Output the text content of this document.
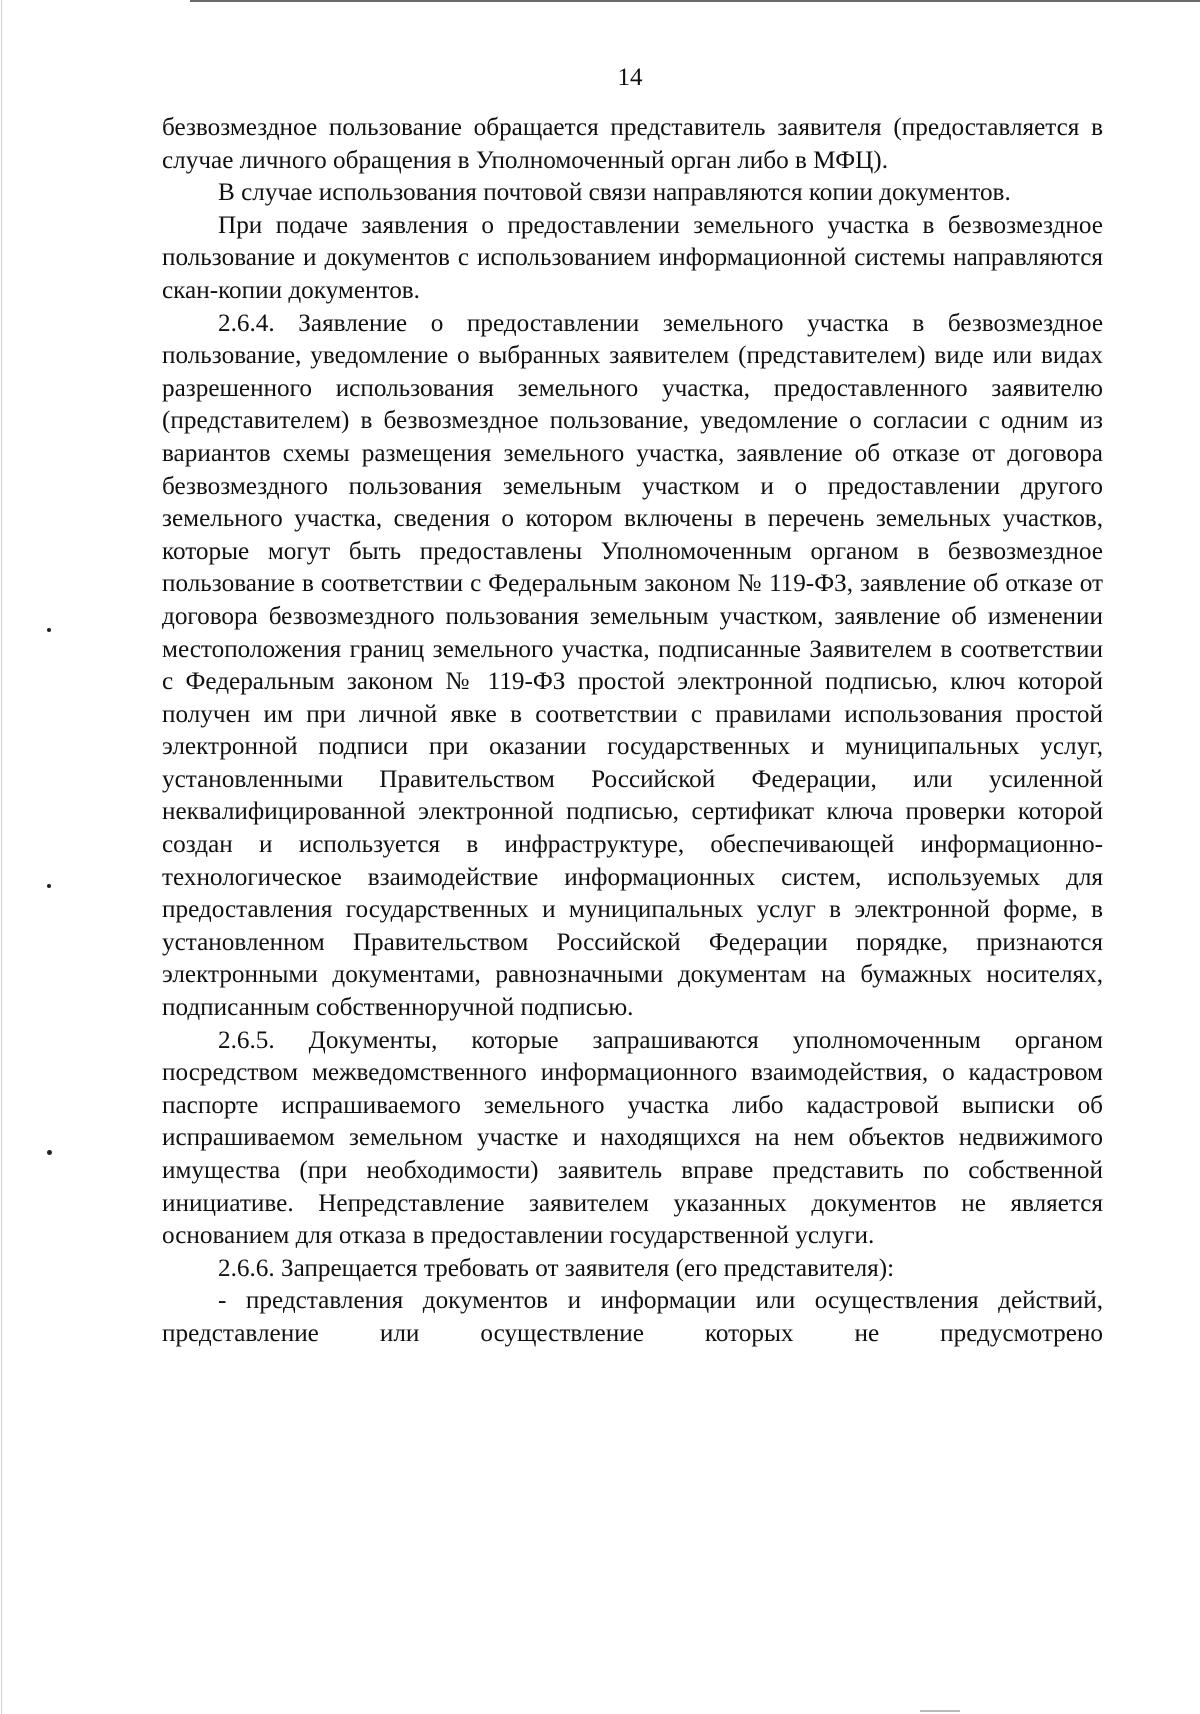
14

безвозмездное пользование обращается представитель заявителя (предоставляется в случае личного обращения в Уполномоченный орган либо в МФЦ).

В случае использования почтовой связи направляются копии документов.

При подаче заявления о предоставлении земельного участка в безвозмездное пользование и документов с использованием информационной системы направляются скан-копии документов.

2.6.4. Заявление о предоставлении земельного участка в безвозмездное пользование, уведомление о выбранных заявителем (представителем) виде или видах разрешенного использования земельного участка, предоставленного заявителю (представителем) в безвозмездное пользование, уведомление о согласии с одним из вариантов схемы размещения земельного участка, заявление об отказе от договора безвозмездного пользования земельным участком и о предоставлении другого земельного участка, сведения о котором включены в перечень земельных участков, которые могут быть предоставлены Уполномоченным органом в безвозмездное пользование в соответствии с Федеральным законом № 119-ФЗ, заявление об отказе от договора безвозмездного пользования земельным участком, заявление об изменении местоположения границ земельного участка, подписанные Заявителем в соответствии с Федеральным законом № 119-ФЗ простой электронной подписью, ключ которой получен им при личной явке в соответствии с правилами использования простой электронной подписи при оказании государственных и муниципальных услуг, установленными Правительством Российской Федерации, или усиленной неквалифицированной электронной подписью, сертификат ключа проверки которой создан и используется в инфраструктуре, обеспечивающей информационно-технологическое взаимодействие информационных систем, используемых для предоставления государственных и муниципальных услуг в электронной форме, в установленном Правительством Российской Федерации порядке, признаются электронными документами, равнозначными документам на бумажных носителях, подписанным собственноручной подписью.

2.6.5. Документы, которые запрашиваются уполномоченным органом посредством межведомственного информационного взаимодействия, о кадастровом паспорте испрашиваемого земельного участка либо кадастровой выписки об испрашиваемом земельном участке и находящихся на нем объектов недвижимого имущества (при необходимости) заявитель вправе представить по собственной инициативе. Непредставление заявителем указанных документов не является основанием для отказа в предоставлении государственной услуги.

2.6.6. Запрещается требовать от заявителя (его представителя):

- представления документов и информации или осуществления действий, представление или осуществление которых не предусмотрено
